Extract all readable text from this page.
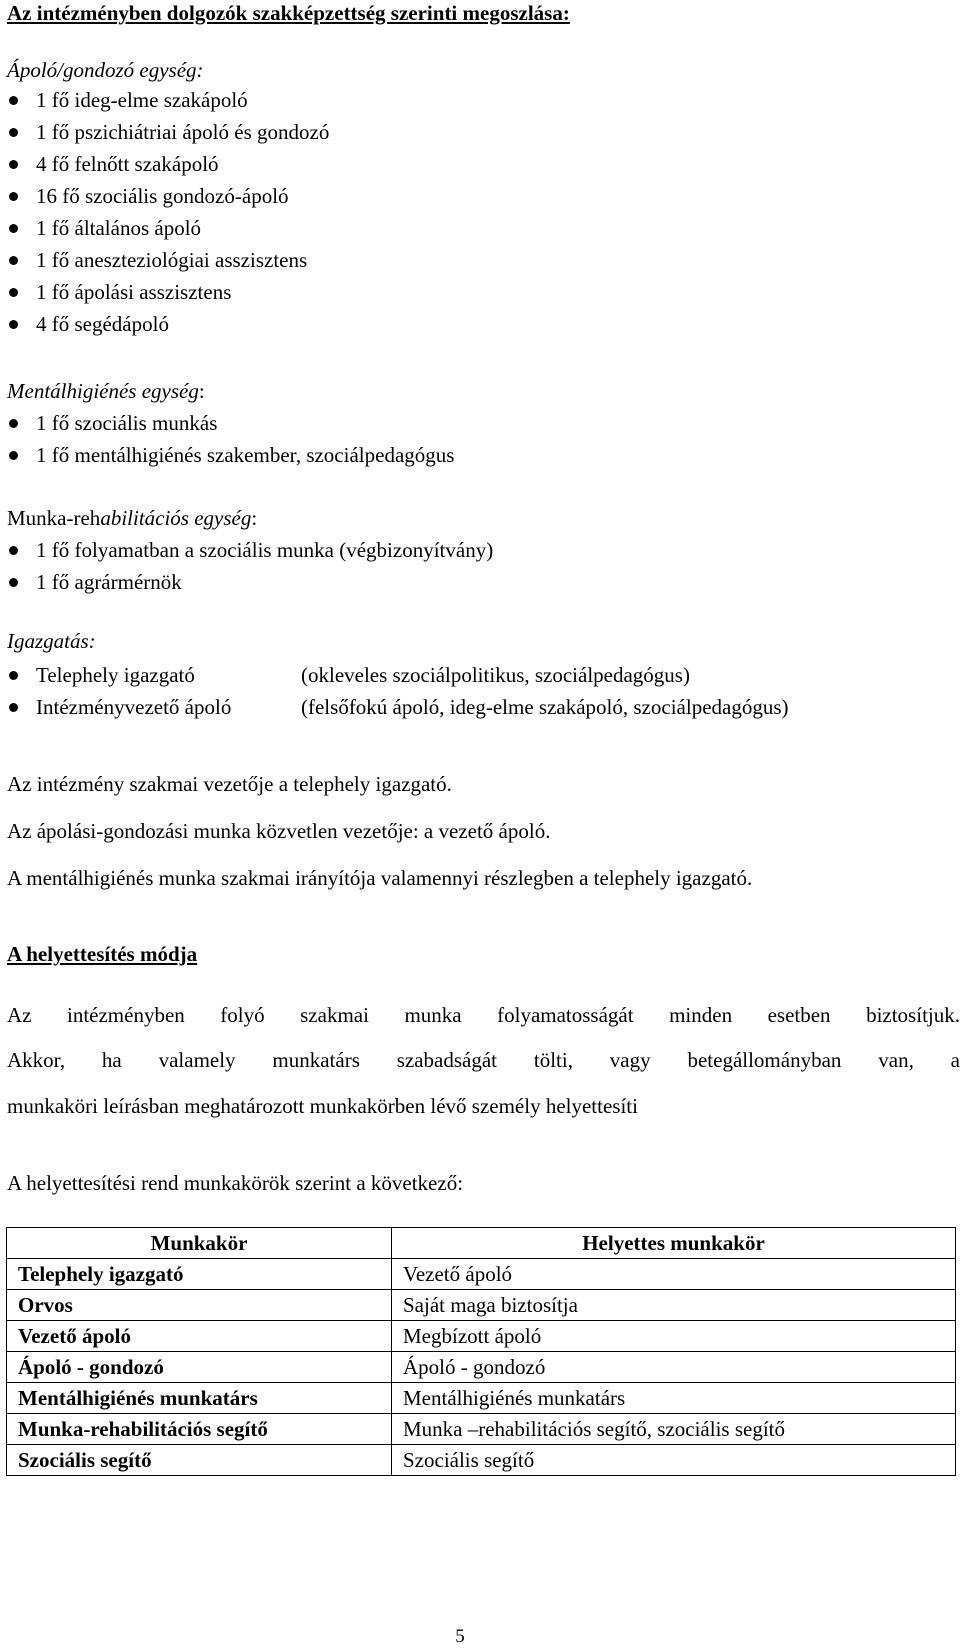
Az intézményben dolgozók szakképzettség szerinti megoszlása:
Ápoló/gondozó egység:
1 fő ideg-elme szakápoló
1 fő pszichiátriai ápoló és gondozó
4 fő felnőtt szakápoló
16 fő szociális gondozó-ápoló
1 fő általános ápoló
1 fő aneszteziológiai asszisztens
1 fő ápolási asszisztens
4 fő segédápoló
Mentálhigiénés egység:
1 fő szociális munkás
1 fő mentálhigiénés szakember, szociálpedagógus
Munka-rehabilitációs egység:
1 fő folyamatban a szociális munka (végbizonyítvány)
1 fő agrármérnök
Igazgatás:
Telephely igazgató	(okleveles szociálpolitikus, szociálpedagógus)
Intézményvezető ápoló	(felsőfokú ápoló, ideg-elme szakápoló, szociálpedagógus)
Az intézmény szakmai vezetője a telephely igazgató.
Az ápolási-gondozási munka közvetlen vezetője: a vezető ápoló.
A mentálhigiénés munka szakmai irányítója valamennyi részlegben a telephely igazgató.
A helyettesítés módja
Az intézményben folyó szakmai munka folyamatosságát minden esetben biztosítjuk.
Akkor, ha valamely munkatárs szabadságát tölti, vagy betegállományban van, a
munkaköri leírásban meghatározott munkakörben lévő személy helyettesíti
A helyettesítési rend munkakörök szerint a következő:
Munkakör	Helyettes munkakör
Telephely igazgató	Vezető ápoló
Orvos	Saját maga biztosítja
Vezető ápoló	Megbízott ápoló
Ápoló - gondozó	Ápoló - gondozó
Mentálhigiénés munkatárs	Mentálhigiénés munkatárs
Munka-rehabilitációs segítő	Munka –rehabilitációs segítő, szociális segítő
Szociális segítő	Szociális segítő
5
